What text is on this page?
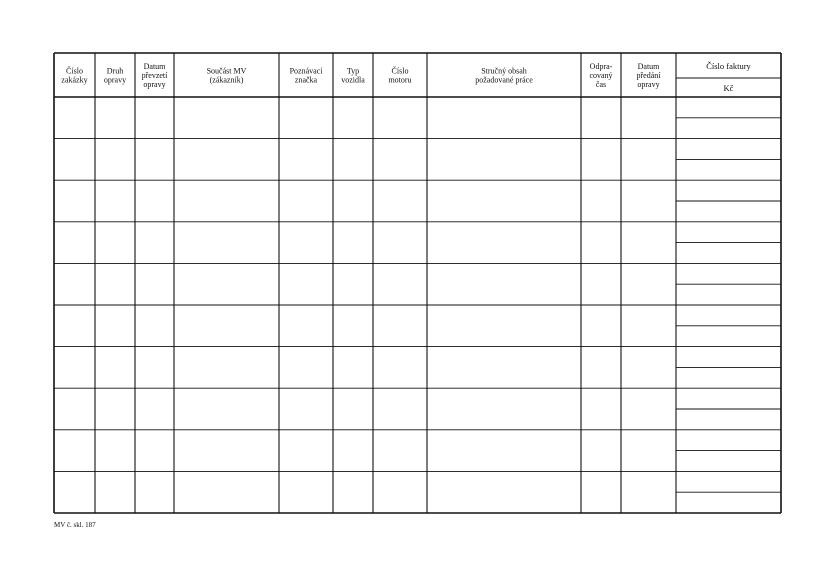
Číslo
zakázky
Druh
opravy
Datum
převzetí
opravy
Součást MV
(zákazník)
Poznávací
značka
Typ
vozidla
Číslo
motoru
Stručný obsah
požadované práce
Odpra-
covaný
čas
Datum
předání
opravy
Číslo faktury
Kč
MV č. skl. 187
